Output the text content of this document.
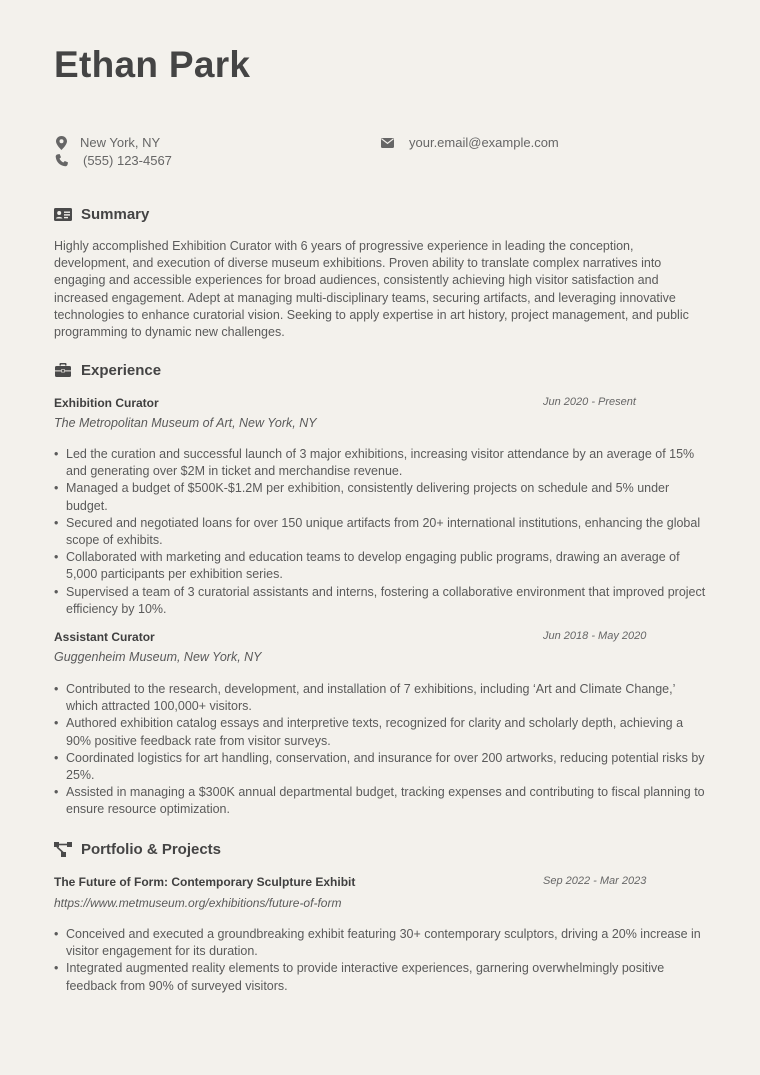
Ethan Park
New York, NY
(555) 123-4567
your.email@example.com
Summary

Highly accomplished Exhibition Curator with 6 years of progressive experience in leading the conception, development, and execution of diverse museum exhibitions. Proven ability to translate complex narratives into engaging and accessible experiences for broad audiences, consistently achieving high visitor satisfaction and increased engagement. Adept at managing multi-disciplinary teams, securing artifacts, and leveraging innovative technologies to enhance curatorial vision. Seeking to apply expertise in art history, project management, and public programming to dynamic new challenges.

Experience
Exhibition Curator	Jun 2020 - Present
The Metropolitan Museum of Art, New York, NY
• Led the curation and successful launch of 3 major exhibitions, increasing visitor attendance by an average of 15% and generating over $2M in ticket and merchandise revenue.
• Managed a budget of $500K-$1.2M per exhibition, consistently delivering projects on schedule and 5% under budget.
• Secured and negotiated loans for over 150 unique artifacts from 20+ international institutions, enhancing the global scope of exhibits.
• Collaborated with marketing and education teams to develop engaging public programs, drawing an average of 5,000 participants per exhibition series.
• Supervised a team of 3 curatorial assistants and interns, fostering a collaborative environment that improved project efficiency by 10%.
Assistant Curator	Jun 2018 - May 2020
Guggenheim Museum, New York, NY
• Contributed to the research, development, and installation of 7 exhibitions, including ‘Art and Climate Change,’ which attracted 100,000+ visitors.
• Authored exhibition catalog essays and interpretive texts, recognized for clarity and scholarly depth, achieving a 90% positive feedback rate from visitor surveys.
• Coordinated logistics for art handling, conservation, and insurance for over 200 artworks, reducing potential risks by 25%.
• Assisted in managing a $300K annual departmental budget, tracking expenses and contributing to fiscal planning to ensure resource optimization.
Portfolio & Projects
The Future of Form: Contemporary Sculpture Exhibit	Sep 2022 - Mar 2023
https://www.metmuseum.org/exhibitions/future-of-form
• Conceived and executed a groundbreaking exhibit featuring 30+ contemporary sculptors, driving a 20% increase in visitor engagement for its duration.
• Integrated augmented reality elements to provide interactive experiences, garnering overwhelmingly positive feedback from 90% of surveyed visitors.
